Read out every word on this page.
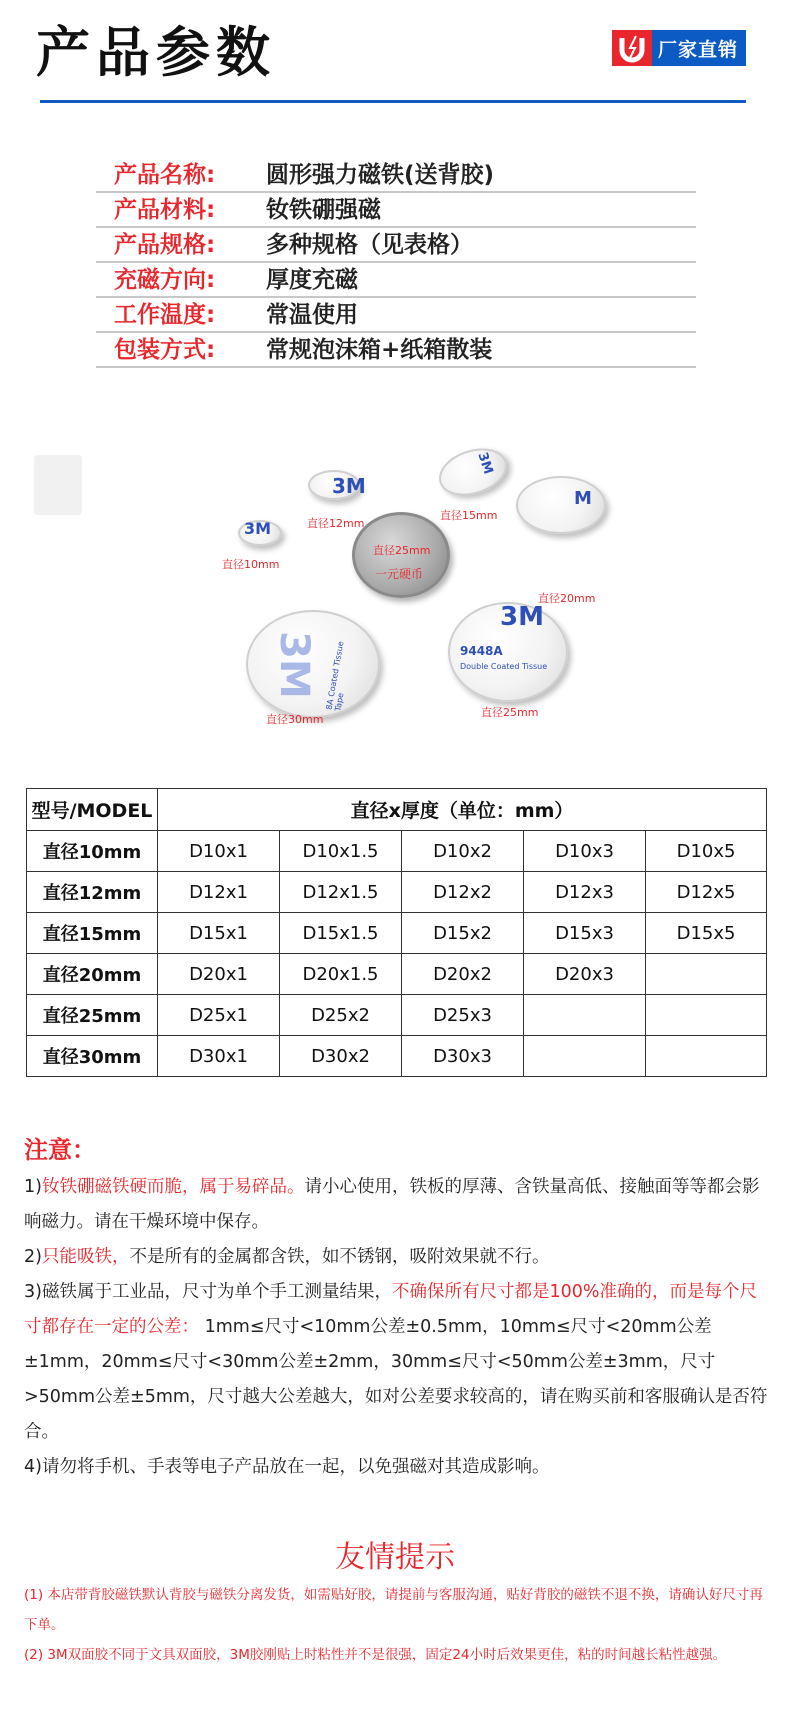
产品参数	厂家直销
产品名称:	圆形强力磁铁(送背胶)
产品材料:	钕铁硼强磁
产品规格:	多种规格（见表格）
充磁方向:	厚度充磁
工作温度:	常温使用
包装方式:	常规泡沫箱+纸箱散装
3M
直径12mm
3M
直径15mm
3M
直径10mm
直径25mm
一元硬币
M
直径20mm
3M 8A Coated Tissue Tape
直径30mm
3M
9448A
Double Coated Tissue
直径25mm
型号/MODEL	直径x厚度（单位：mm）				
直径10mm	D10x1	D10x1.5	D10x2	D10x3	D10x5
直径12mm	D12x1	D12x1.5	D12x2	D12x3	D12x5
直径15mm	D15x1	D15x1.5	D15x2	D15x3	D15x5
直径20mm	D20x1	D20x1.5	D20x2	D20x3	
直径25mm	D25x1	D25x2	D25x3		
直径30mm	D30x1	D30x2	D30x3		
注意：

1)钕铁硼磁铁硬而脆，属于易碎品。请小心使用，铁板的厚薄、含铁量高低、接触面等等都会影响磁力。请在干燥环境中保存。

2)只能吸铁，不是所有的金属都含铁，如不锈钢，吸附效果就不行。

3)磁铁属于工业品，尺寸为单个手工测量结果，不确保所有尺寸都是100%准确的，而是每个尺寸都存在一定的公差： 1mm≤尺寸<10mm公差±0.5mm，10mm≤尺寸<20mm公差±1mm，20mm≤尺寸<30mm公差±2mm，30mm≤尺寸<50mm公差±3mm，尺寸>50mm公差±5mm，尺寸越大公差越大，如对公差要求较高的，请在购买前和客服确认是否符合。

4)请勿将手机、手表等电子产品放在一起，以免强磁对其造成影响。

友情提示

(1) 本店带背胶磁铁默认背胶与磁铁分离发货，如需贴好胶，请提前与客服沟通，贴好背胶的磁铁不退不换，请确认好尺寸再下单。

(2) 3M双面胶不同于文具双面胶，3M胶刚贴上时粘性并不是很强，固定24小时后效果更佳，粘的时间越长粘性越强。
